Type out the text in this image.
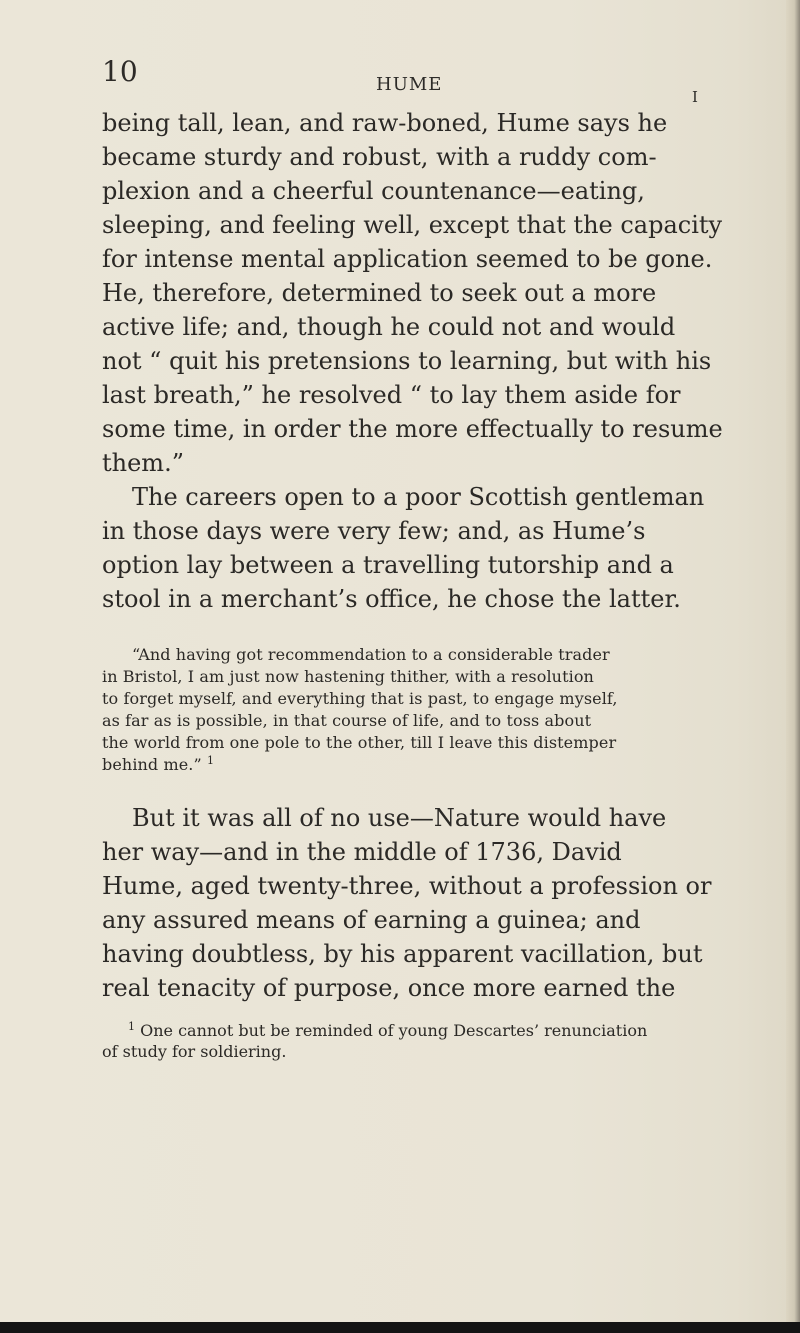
10	HUME
I
being tall, lean, and raw-boned, Hume says he
became sturdy and robust, with a ruddy com-
plexion and a cheerful countenance—eating,
sleeping, and feeling well, except that the capacity
for intense mental application seemed to be gone.
He, therefore, determined to seek out a more
active life; and, though he could not and would
not “ quit his pretensions to learning, but with his
last breath,” he resolved “ to lay them aside for
some time, in order the more effectually to resume
them.”
The careers open to a poor Scottish gentleman
in those days were very few; and, as Hume’s
option lay between a travelling tutorship and a
stool in a merchant’s office, he chose the latter.
“And having got recommendation to a considerable trader
in Bristol, I am just now hastening thither, with a resolution
to forget myself, and everything that is past, to engage myself,
as far as is possible, in that course of life, and to toss about
the world from one pole to the other, till I leave this distemper
behind me.” $^1$
But it was all of no use—Nature would have
her way—and in the middle of 1736, David
Hume, aged twenty-three, without a profession or
any assured means of earning a guinea; and
having doubtless, by his apparent vacillation, but
real tenacity of purpose, once more earned the
$^1$ One cannot but be reminded of young Descartes’ renunciation
of study for soldiering.
